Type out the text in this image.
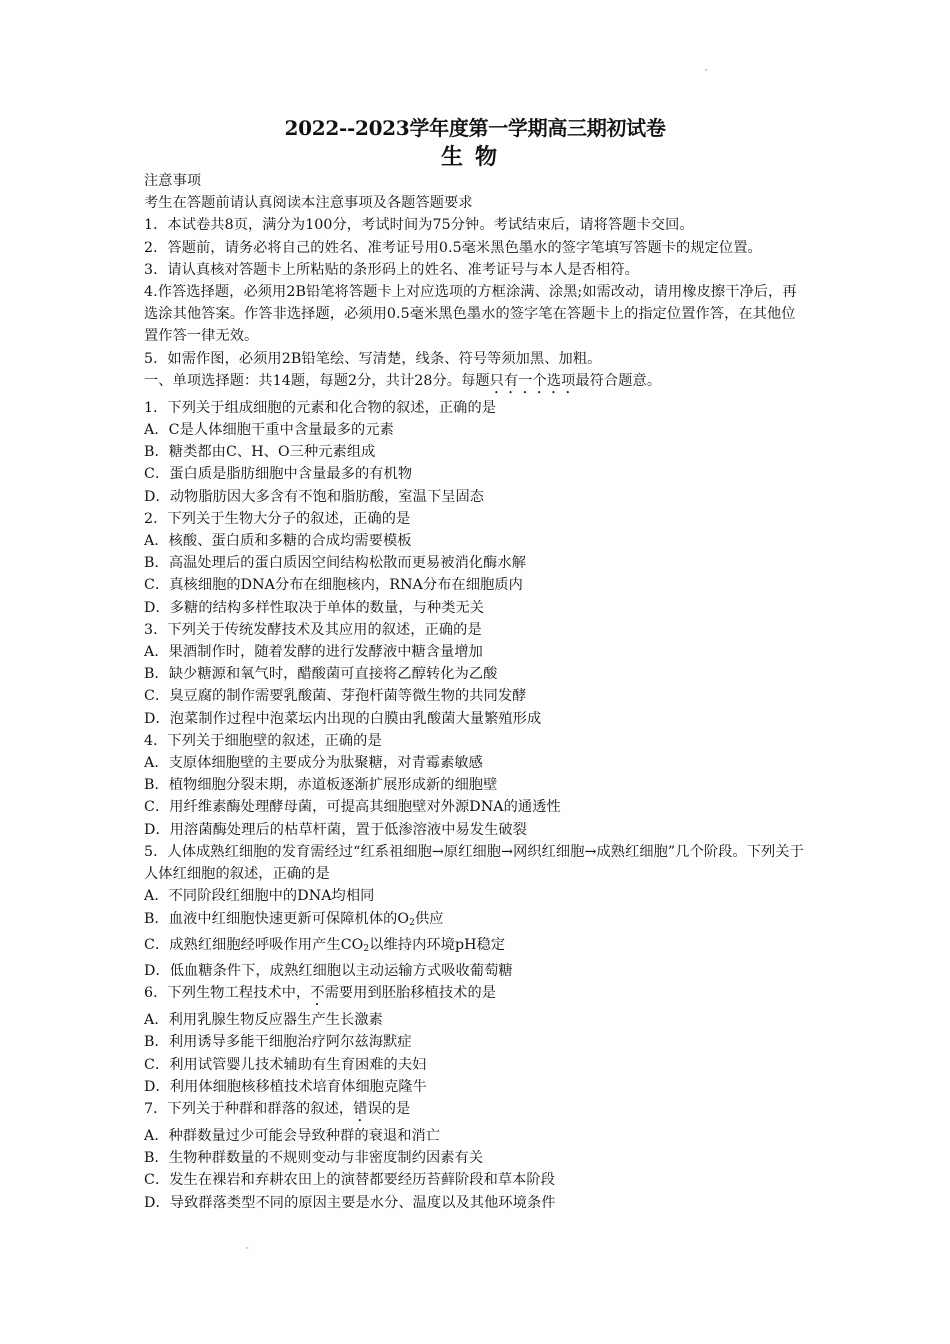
"
2022--2023学年度第一学期高三期初试卷
生物

注意事项

考生在答题前请认真阅读本注意事项及各题答题要求

1．本试卷共8页，满分为100分，考试时间为75分钟。考试结束后，请将答题卡交回。

2．答题前，请务必将自己的姓名、准考证号用0.5毫米黑色墨水的签字笔填写答题卡的规定位置。

3．请认真核对答题卡上所粘贴的条形码上的姓名、准考证号与本人是否相符。

4.作答选择题，必须用2B铅笔将答题卡上对应选项的方框涂满、涂黑;如需改动，请用橡皮擦干净后，再选涂其他答案。作答非选择题，必须用0.5毫米黑色墨水的签字笔在答题卡上的指定位置作答，在其他位置作答一律无效。

5．如需作图，必须用2B铅笔绘、写清楚，线条、符号等须加黑、加粗。

一、单项选择题：共14题，每题2分，共计28分。每题只有一个选项最符合题意。

1．下列关于组成细胞的元素和化合物的叙述，正确的是

A．C是人体细胞干重中含量最多的元素

B．糖类都由C、H、O三种元素组成

C．蛋白质是脂肪细胞中含量最多的有机物

D．动物脂肪因大多含有不饱和脂肪酸，室温下呈固态

2．下列关于生物大分子的叙述，正确的是

A．核酸、蛋白质和多糖的合成均需要模板

B．高温处理后的蛋白质因空间结构松散而更易被消化酶水解

C．真核细胞的DNA分布在细胞核内，RNA分布在细胞质内

D．多糖的结构多样性取决于单体的数量，与种类无关

3．下列关于传统发酵技术及其应用的叙述，正确的是

A．果酒制作时，随着发酵的进行发酵液中糖含量增加

B．缺少糖源和氧气时，醋酸菌可直接将乙醇转化为乙酸

C．臭豆腐的制作需要乳酸菌、芽孢杆菌等微生物的共同发酵

D．泡菜制作过程中泡菜坛内出现的白膜由乳酸菌大量繁殖形成

4．下列关于细胞壁的叙述，正确的是

A．支原体细胞壁的主要成分为肽聚糖，对青霉素敏感

B．植物细胞分裂末期，赤道板逐渐扩展形成新的细胞壁

C．用纤维素酶处理酵母菌，可提高其细胞壁对外源DNA的通透性

D．用溶菌酶处理后的枯草杆菌，置于低渗溶液中易发生破裂

5．人体成熟红细胞的发育需经过“红系祖细胞→原红细胞→网织红细胞→成熟红细胞”几个阶段。下列关于人体红细胞的叙述，正确的是

A．不同阶段红细胞中的DNA均相同

B．血液中红细胞快速更新可保障机体的$O_2$供应

C．成熟红细胞经呼吸作用产生$CO_2$以维持内环境pH稳定

D．低血糖条件下，成熟红细胞以主动运输方式吸收葡萄糖

6．下列生物工程技术中，不需要用到胚胎移植技术的是

A．利用乳腺生物反应器生产生长激素

B．利用诱导多能干细胞治疗阿尔兹海默症

C．利用试管婴儿技术辅助有生育困难的夫妇

D．利用体细胞核移植技术培育体细胞克隆牛

7．下列关于种群和群落的叙述，错误的是

A．种群数量过少可能会导致种群的衰退和消亡

B．生物种群数量的不规则变动与非密度制约因素有关

C．发生在裸岩和弃耕农田上的演替都要经历苔藓阶段和草本阶段

D．导致群落类型不同的原因主要是水分、温度以及其他环境条件

"
